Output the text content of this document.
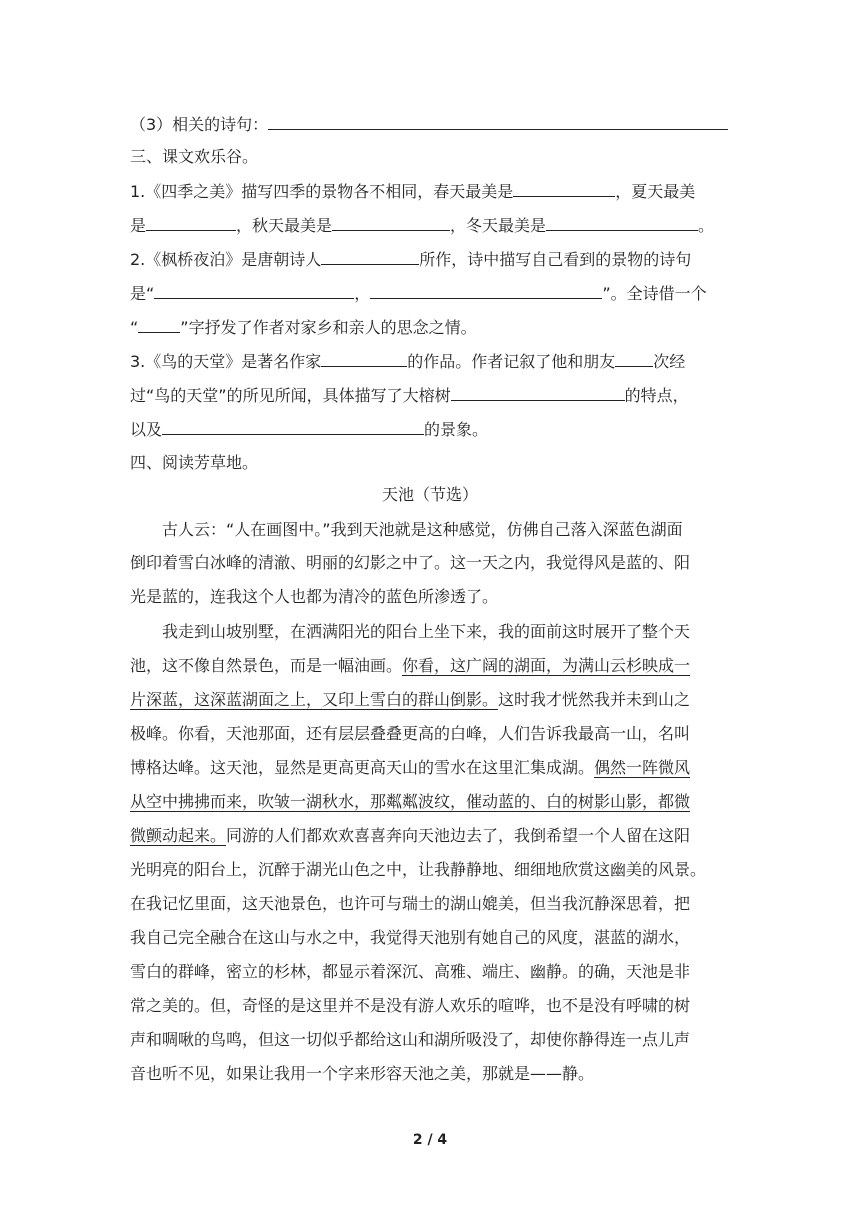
（3）相关的诗句：
三、课文欢乐谷。
1.《四季之美》描写四季的景物各不相同，春天最美是	，夏天最美
是	，秋天最美是	，冬天最美是	。
2.《枫桥夜泊》是唐朝诗人	所作，诗中描写自己看到的景物的诗句
是“	，	”。全诗借一个
“	”字抒发了作者对家乡和亲人的思念之情。
3.《鸟的天堂》是著名作家	的作品。作者记叙了他和朋友 次经
过“鸟的天堂”的所见所闻，具体描写了大榕树	的特点，
以及	的景象。
四、阅读芳草地。
天池（节选）
古人云：“人在画图中。”我到天池就是这种感觉，仿佛自己落入深蓝色湖面
倒印着雪白冰峰的清澈、明丽的幻影之中了。这一天之内，我觉得风是蓝的、阳
光是蓝的，连我这个人也都为清冷的蓝色所渗透了。
我走到山坡别墅，在洒满阳光的阳台上坐下来，我的面前这时展开了整个天
池，这不像自然景色，而是一幅油画。你看，这广阔的湖面，为满山云杉映成一
片深蓝，这深蓝湖面之上，又印上雪白的群山倒影。这时我才恍然我并未到山之
极峰。你看，天池那面，还有层层叠叠更高的白峰，人们告诉我最高一山，名叫
博格达峰。这天池，显然是更高更高天山的雪水在这里汇集成湖。偶然一阵微风
从空中拂拂而来，吹皱一湖秋水，那粼粼波纹，催动蓝的、白的树影山影，都微
微颤动起来。同游的人们都欢欢喜喜奔向天池边去了，我倒希望一个人留在这阳
光明亮的阳台上，沉醉于湖光山色之中，让我静静地、细细地欣赏这幽美的风景。
在我记忆里面，这天池景色，也许可与瑞士的湖山媲美，但当我沉静深思着，把
我自己完全融合在这山与水之中，我觉得天池别有她自己的风度，湛蓝的湖水，
雪白的群峰，密立的杉林，都显示着深沉、高雅、端庄、幽静。的确，天池是非
常之美的。但，奇怪的是这里并不是没有游人欢乐的喧哗，也不是没有呼啸的树
声和啁啾的鸟鸣，但这一切似乎都给这山和湖所吸没了，却使你静得连一点儿声
音也听不见，如果让我用一个字来形容天池之美，那就是——静。
2 / 4
